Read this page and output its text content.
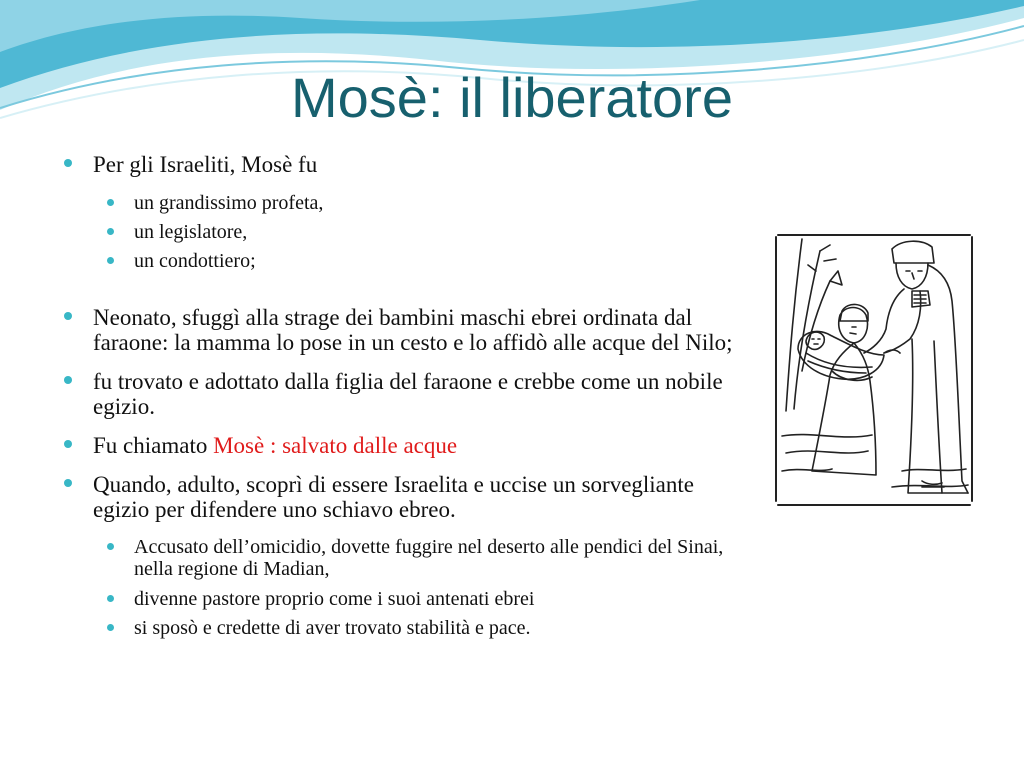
Mosè: il liberatore
Per gli Israeliti, Mosè fu
un grandissimo profeta,
un legislatore,
un condottiero;
Neonato, sfuggì alla strage dei bambini maschi ebrei ordinata dal faraone: la mamma lo pose in un cesto e lo affidò alle acque del Nilo;
fu trovato e adottato dalla figlia del faraone e crebbe come un nobile egizio.
Fu chiamato Mosè : salvato dalle acque
Quando, adulto, scoprì di essere Israelita e uccise un sorvegliante egizio per difendere uno schiavo ebreo.
Accusato dell’omicidio, dovette fuggire nel deserto alle pendici del Sinai, nella regione di Madian,
divenne pastore proprio come i suoi antenati ebrei
si sposò e credette di aver trovato stabilità e pace.
